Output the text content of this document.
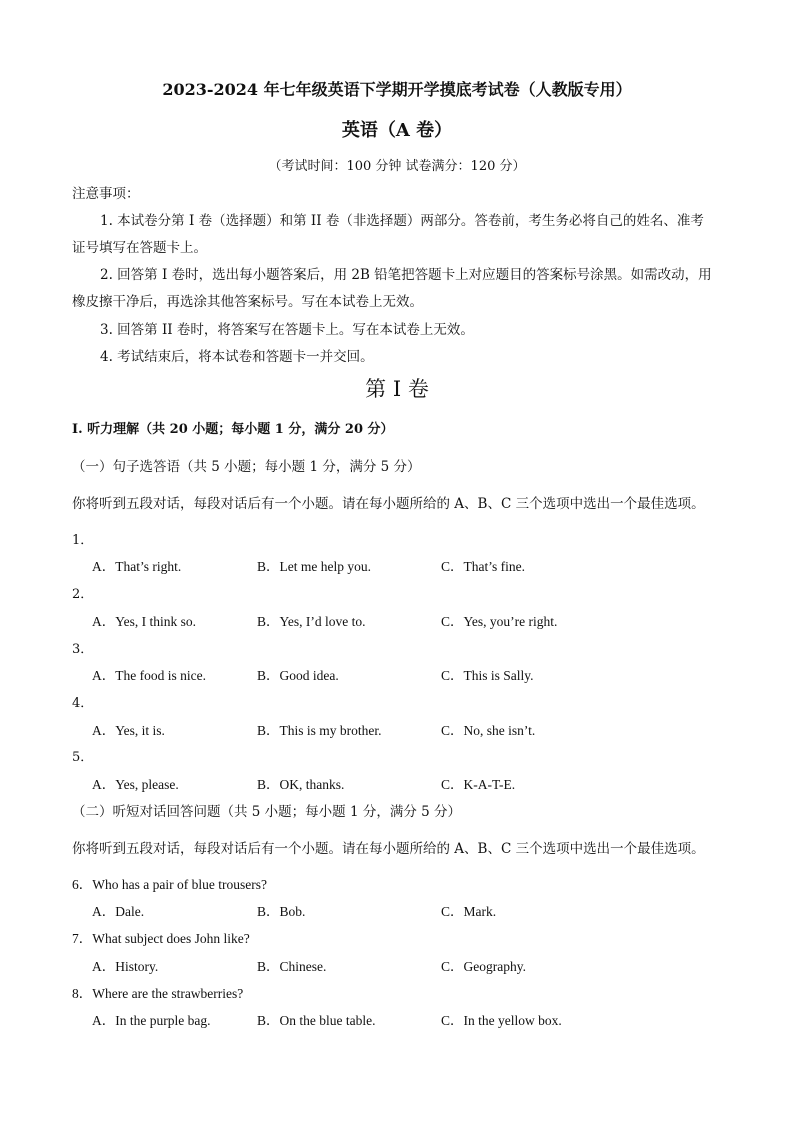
2023-2024 年七年级英语下学期开学摸底考试卷（人教版专用）
英语（A 卷）
（考试时间：100 分钟 试卷满分：120 分）
注意事项：
1. 本试卷分第 I 卷（选择题）和第 II 卷（非选择题）两部分。答卷前，考生务必将自己的姓名、准考
证号填写在答题卡上。
2. 回答第 I 卷时，选出每小题答案后，用 2B 铅笔把答题卡上对应题目的答案标号涂黑。如需改动，用
橡皮擦干净后，再选涂其他答案标号。写在本试卷上无效。
3. 回答第 II 卷时，将答案写在答题卡上。写在本试卷上无效。
4. 考试结束后，将本试卷和答题卡一并交回。
第 I 卷
I. 听力理解（共 20 小题；每小题 1 分，满分 20 分）
（一）句子选答语（共 5 小题；每小题 1 分，满分 5 分）
你将听到五段对话，每段对话后有一个小题。请在每小题所给的 A、B、C 三个选项中选出一个最佳选项。
1．
A．That’s right.	B．Let me help you.	C．That’s fine.
2．
A．Yes, I think so.	B．Yes, I’d love to.	C．Yes, you’re right.
3．
A．The food is nice.	B．Good idea.	C．This is Sally.
4．
A．Yes, it is.	B．This is my brother.	C．No, she isn’t.
5．
A．Yes, please.	B．OK, thanks.	C．K-A-T-E.
（二）听短对话回答问题（共 5 小题；每小题 1 分，满分 5 分）
你将听到五段对话，每段对话后有一个小题。请在每小题所给的 A、B、C 三个选项中选出一个最佳选项。
6．Who has a pair of blue trousers?
A．Dale.	B．Bob.	C．Mark.
7．What subject does John like?
A．History.	B．Chinese.	C．Geography.
8．Where are the strawberries?
A．In the purple bag.	B．On the blue table.	C．In the yellow box.
